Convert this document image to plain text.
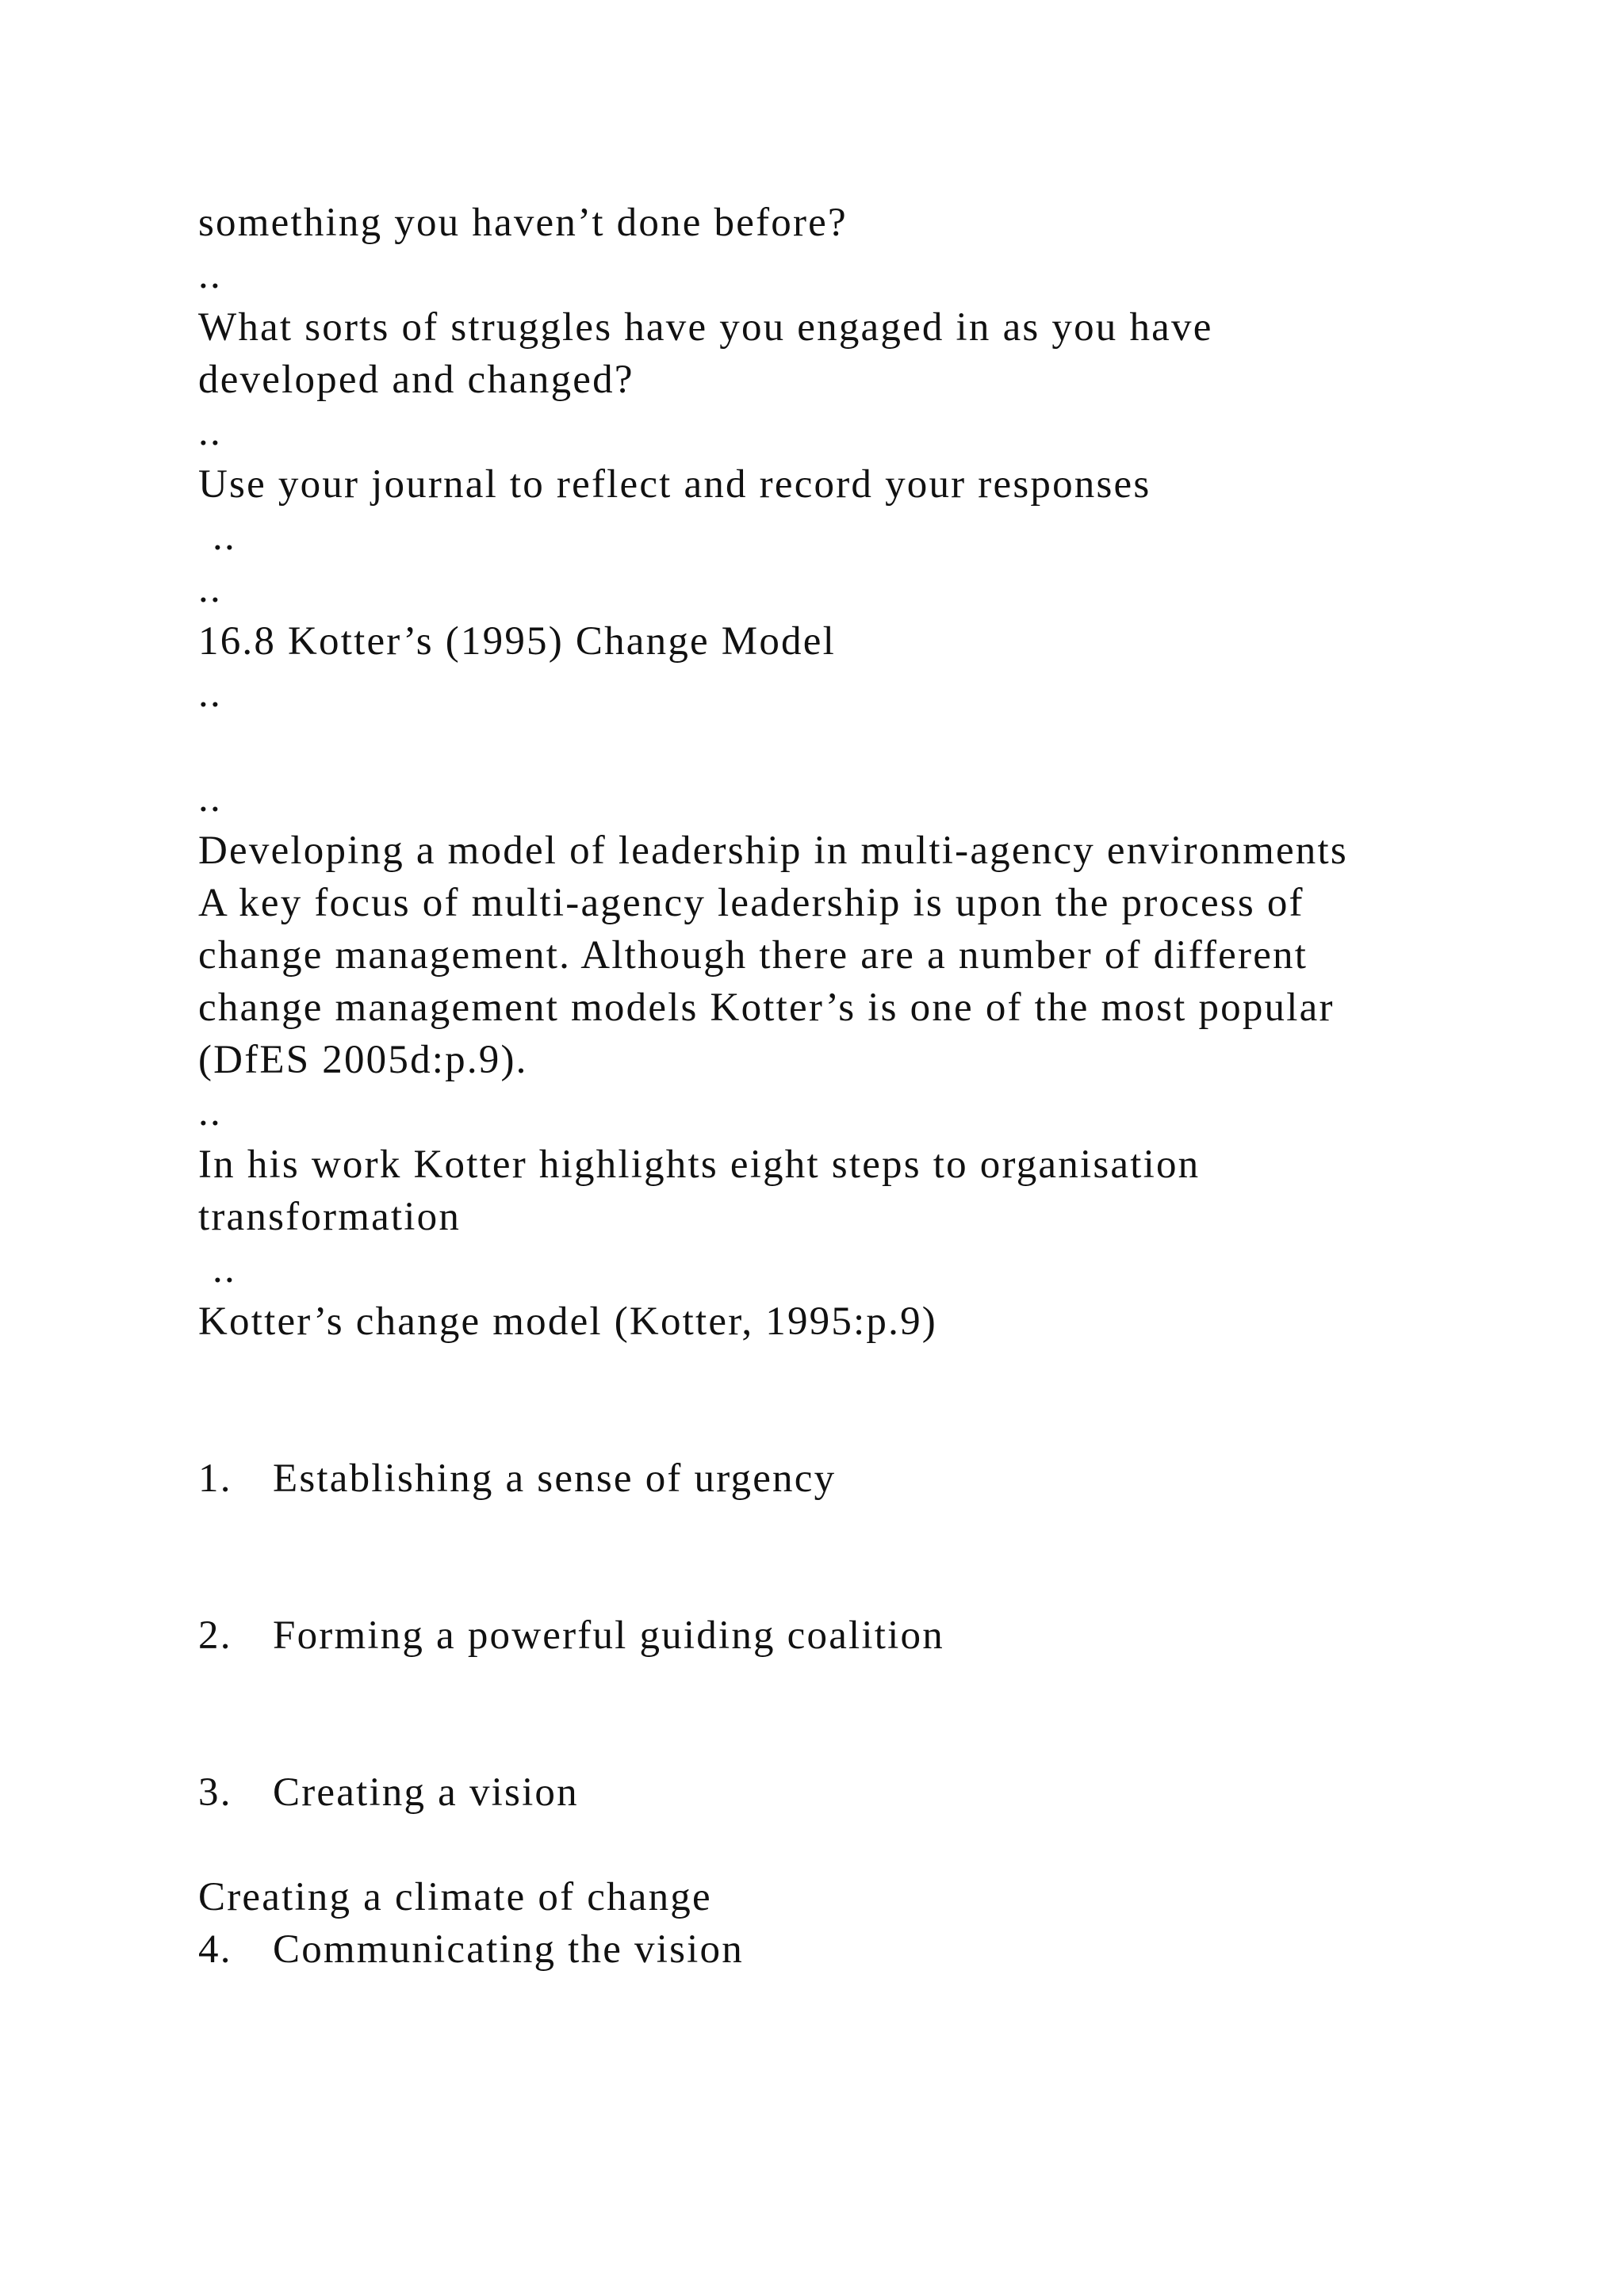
something you haven’t done before?
..
What sorts of struggles have you engaged in as you have
developed and changed?
..
Use your journal to reflect and record your responses
..
..
16.8 Kotter’s (1995) Change Model
..
..
Developing a model of leadership in multi-agency environments
A key focus of multi-agency leadership is upon the process of
change management. Although there are a number of different
change management models Kotter’s is one of the most popular
(DfES 2005d:p.9).
..
In his work Kotter highlights eight steps to organisation
transformation
..
Kotter’s change model (Kotter, 1995:p.9)
1. Establishing a sense of urgency
2. Forming a powerful guiding coalition
3. Creating a vision
Creating a climate of change
4. Communicating the vision
